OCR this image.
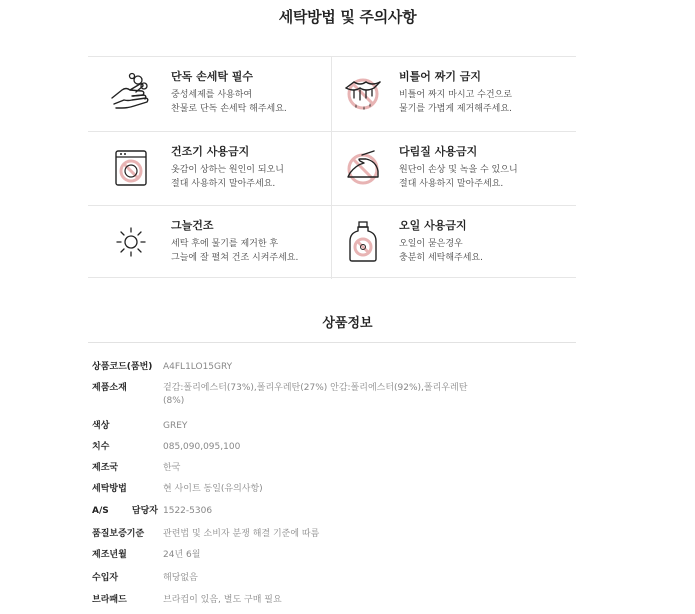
세탁방법 및 주의사항
단독 손세탁 필수
중성세제를 사용하여
찬물로 단독 손세탁 해주세요.
비틀어 짜기 금지
비틀어 짜지 마시고 수건으로
물기를 가볍게 제거해주세요.
건조기 사용금지
옷감이 상하는 원인이 되오니
절대 사용하지 말아주세요.
다림질 사용금지
원단이 손상 및 녹을 수 있으니
절대 사용하지 말아주세요.
그늘건조
세탁 후에 물기를 제거한 후
그늘에 잘 펼쳐 건조 시켜주세요.
오일 사용금지
오일이 묻은경우
충분히 세탁해주세요.
상품정보
상품코드(품번)	A4FL1LO15GRY
제품소재	겉감:폴리에스터(73%),폴리우레탄(27%) 안감:폴리에스터(92%),폴리우레탄
(8%)
색상	GREY
치수	085,090,095,100
제조국	한국
세탁방법	현 사이트 동일(유의사항)
A/S 담당자 1522-5306
품질보증기준	관련법 및 소비자 분쟁 해결 기준에 따름
제조년월	24년 6월
수입자	해당없음
브라패드	브라컵이 있음, 별도 구매 필요
